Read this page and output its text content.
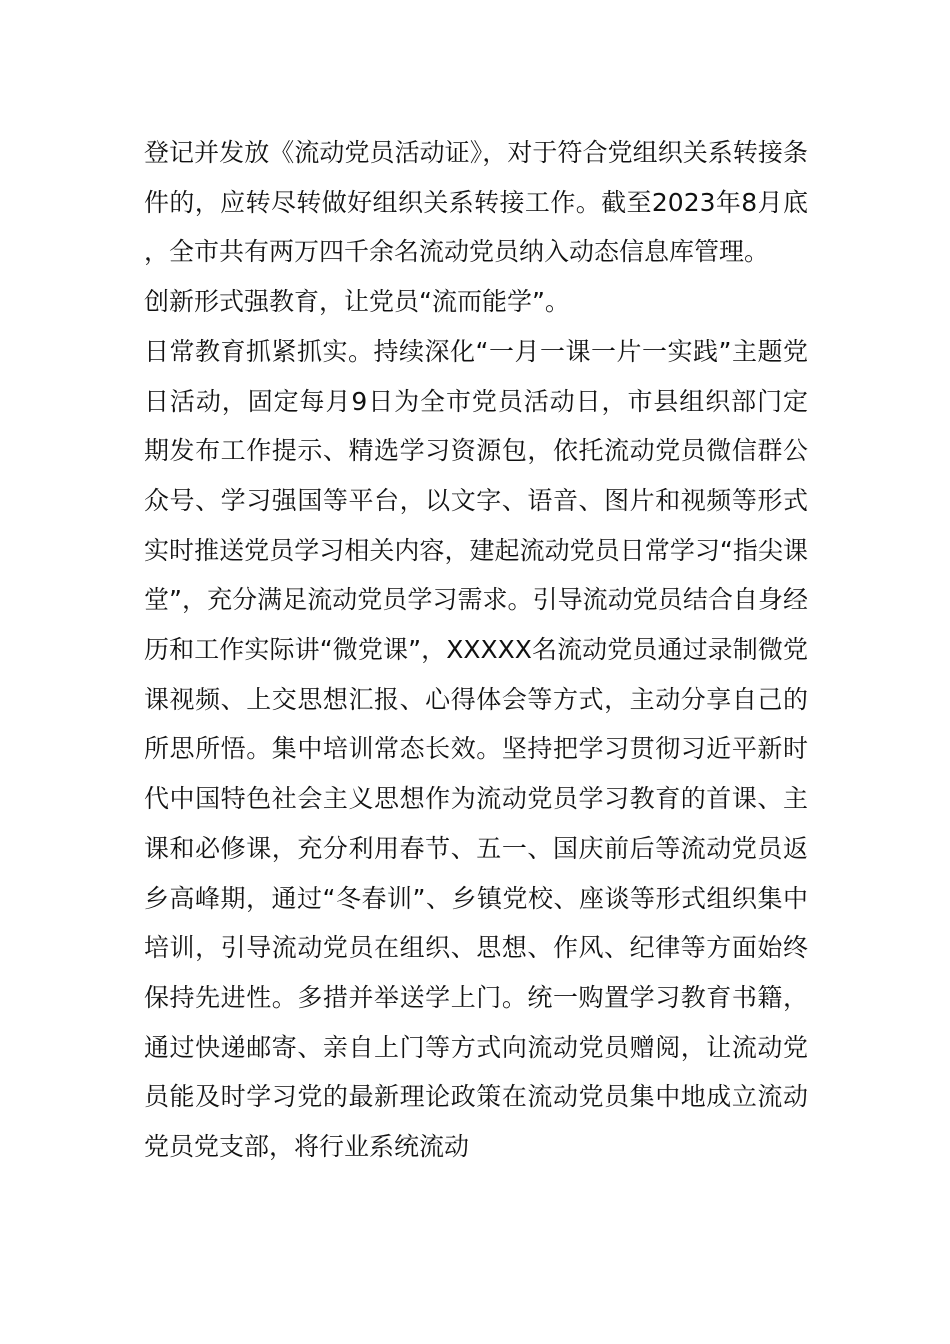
登记并发放《流动党员活动证》，对于符合党组织关系转接条件的，应转尽转做好组织关系转接工作。截至2023年8月底，全市共有两万四千余名流动党员纳入动态信息库管理。

创新形式强教育，让党员“流而能学”。

日常教育抓紧抓实。持续深化“一月一课一片一实践”主题党日活动，固定每月9日为全市党员活动日，市县组织部门定期发布工作提示、精选学习资源包，依托流动党员微信群公众号、学习强国等平台，以文字、语音、图片和视频等形式实时推送党员学习相关内容，建起流动党员日常学习“指尖课堂”，充分满足流动党员学习需求。引导流动党员结合自身经历和工作实际讲“微党课”，XXXXX名流动党员通过录制微党课视频、上交思想汇报、心得体会等方式，主动分享自己的所思所悟。集中培训常态长效。坚持把学习贯彻习近平新时代中国特色社会主义思想作为流动党员学习教育的首课、主课和必修课，充分利用春节、五一、国庆前后等流动党员返乡高峰期，通过“冬春训”、乡镇党校、座谈等形式组织集中培训，引导流动党员在组织、思想、作风、纪律等方面始终保持先进性。多措并举送学上门。统一购置学习教育书籍，通过快递邮寄、亲自上门等方式向流动党员赠阅，让流动党员能及时学习党的最新理论政策在流动党员集中地成立流动党员党支部，将行业系统流动
